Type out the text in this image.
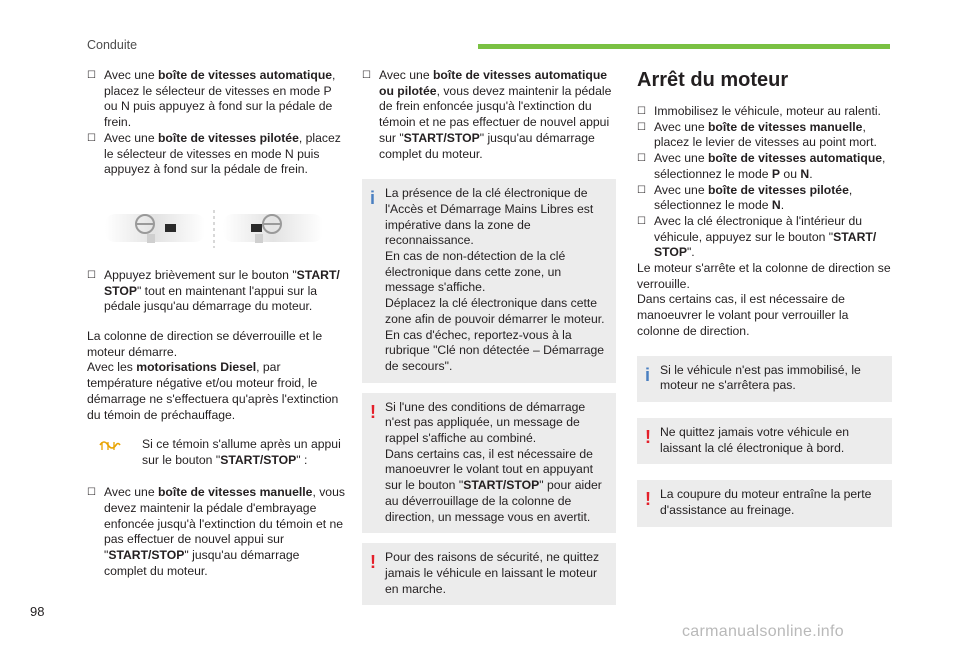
Conduite
☐ Avec une boîte de vitesses automatique, placez le sélecteur de vitesses en mode P ou N puis appuyez à fond sur la pédale de frein.
☐ Avec une boîte de vitesses pilotée, placez le sélecteur de vitesses en mode N puis appuyez à fond sur la pédale de frein.
☐ Appuyez brièvement sur le bouton "START/ STOP" tout en maintenant l'appui sur la pédale jusqu'au démarrage du moteur.

La colonne de direction se déverrouille et le moteur démarre.

Avec les motorisations Diesel, par température négative et/ou moteur froid, le démarrage ne s'effectuera qu'après l'extinction du témoin de préchauffage.

Si ce témoin s'allume après un appui sur le bouton "START/STOP" :
☐ Avec une boîte de vitesses manuelle, vous devez maintenir la pédale d'embrayage enfoncée jusqu'à l'extinction du témoin et ne pas effectuer de nouvel appui sur "START/STOP" jusqu'au démarrage complet du moteur.
☐ Avec une boîte de vitesses automatique ou pilotée, vous devez maintenir la pédale de frein enfoncée jusqu'à l'extinction du témoin et ne pas effectuer de nouvel appui sur "START/STOP" jusqu'au démarrage complet du moteur.
i La présence de la clé électronique de l'Accès et Démarrage Mains Libres est impérative dans la zone de reconnaissance.

En cas de non-détection de la clé électronique dans cette zone, un message s'affiche.

Déplacez la clé électronique dans cette zone afin de pouvoir démarrer le moteur.

En cas d'échec, reportez-vous à la rubrique "Clé non détectée – Démarrage de secours".

! Si l'une des conditions de démarrage n'est pas appliquée, un message de rappel s'affiche au combiné.

Dans certains cas, il est nécessaire de manoeuvrer le volant tout en appuyant sur le bouton "START/STOP" pour aider au déverrouillage de la colonne de direction, un message vous en avertit.

! Pour des raisons de sécurité, ne quittez jamais le véhicule en laissant le moteur en marche.

Arrêt du moteur
☐ Immobilisez le véhicule, moteur au ralenti.
☐ Avec une boîte de vitesses manuelle, placez le levier de vitesses au point mort.
☐ Avec une boîte de vitesses automatique, sélectionnez le mode P ou N.
☐ Avec une boîte de vitesses pilotée, sélectionnez le mode N.
☐ Avec la clé électronique à l'intérieur du véhicule, appuyez sur le bouton "START/ STOP".

Le moteur s'arrête et la colonne de direction se verrouille.

Dans certains cas, il est nécessaire de manoeuvrer le volant pour verrouiller la colonne de direction.

i Si le véhicule n'est pas immobilisé, le moteur ne s'arrêtera pas.

! Ne quittez jamais votre véhicule en laissant la clé électronique à bord.

! La coupure du moteur entraîne la perte d'assistance au freinage.

98
carmanualsonline.info
